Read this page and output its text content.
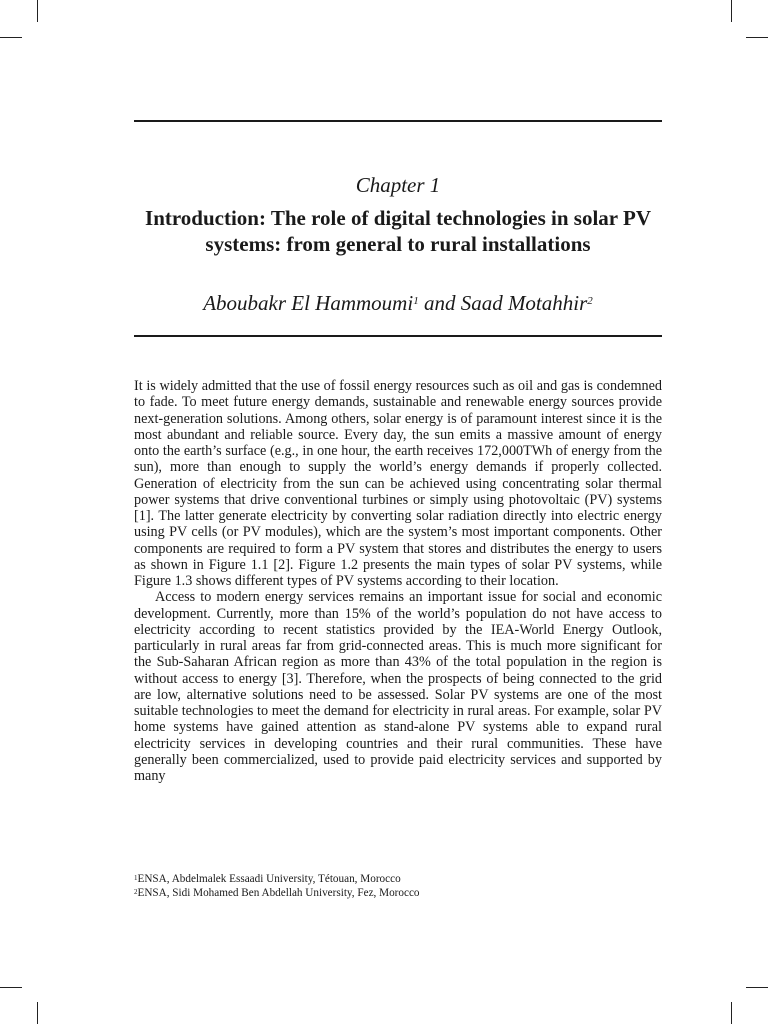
Chapter 1
Introduction: The role of digital technologies in solar PV systems: from general to rural installations
Aboubakr El Hammoumi$^1$ and Saad Motahhir$^2$

It is widely admitted that the use of fossil energy resources such as oil and gas is condemned to fade. To meet future energy demands, sustainable and renewable energy sources provide next-generation solutions. Among others, solar energy is of paramount interest since it is the most abundant and reliable source. Every day, the sun emits a massive amount of energy onto the earth’s surface (e.g., in one hour, the earth receives 172,000TWh of energy from the sun), more than enough to supply the world’s energy demands if properly collected. Generation of electricity from the sun can be achieved using concentrating solar thermal power systems that drive conventional turbines or simply using photovoltaic (PV) systems [1]. The latter generate electricity by converting solar radiation directly into electric energy using PV cells (or PV modules), which are the system’s most important components. Other components are required to form a PV system that stores and distributes the energy to users as shown in Figure 1.1 [2]. Figure 1.2 presents the main types of solar PV systems, while Figure 1.3 shows different types of PV systems according to their location.

Access to modern energy services remains an important issue for social and economic development. Currently, more than 15% of the world’s population do not have access to electricity according to recent statistics provided by the IEA-World Energy Outlook, particularly in rural areas far from grid-connected areas. This is much more significant for the Sub-Saharan African region as more than 43% of the total population in the region is without access to energy [3]. Therefore, when the prospects of being connected to the grid are low, alternative solutions need to be assessed. Solar PV systems are one of the most suitable technologies to meet the demand for electricity in rural areas. For example, solar PV home systems have gained attention as stand-alone PV systems able to expand rural electricity services in developing countries and their rural communities. These have generally been commercialized, used to provide paid electricity services and supported by many

$^1$ENSA, Abdelmalek Essaadi University, Tétouan, Morocco
$^2$ENSA, Sidi Mohamed Ben Abdellah University, Fez, Morocco
